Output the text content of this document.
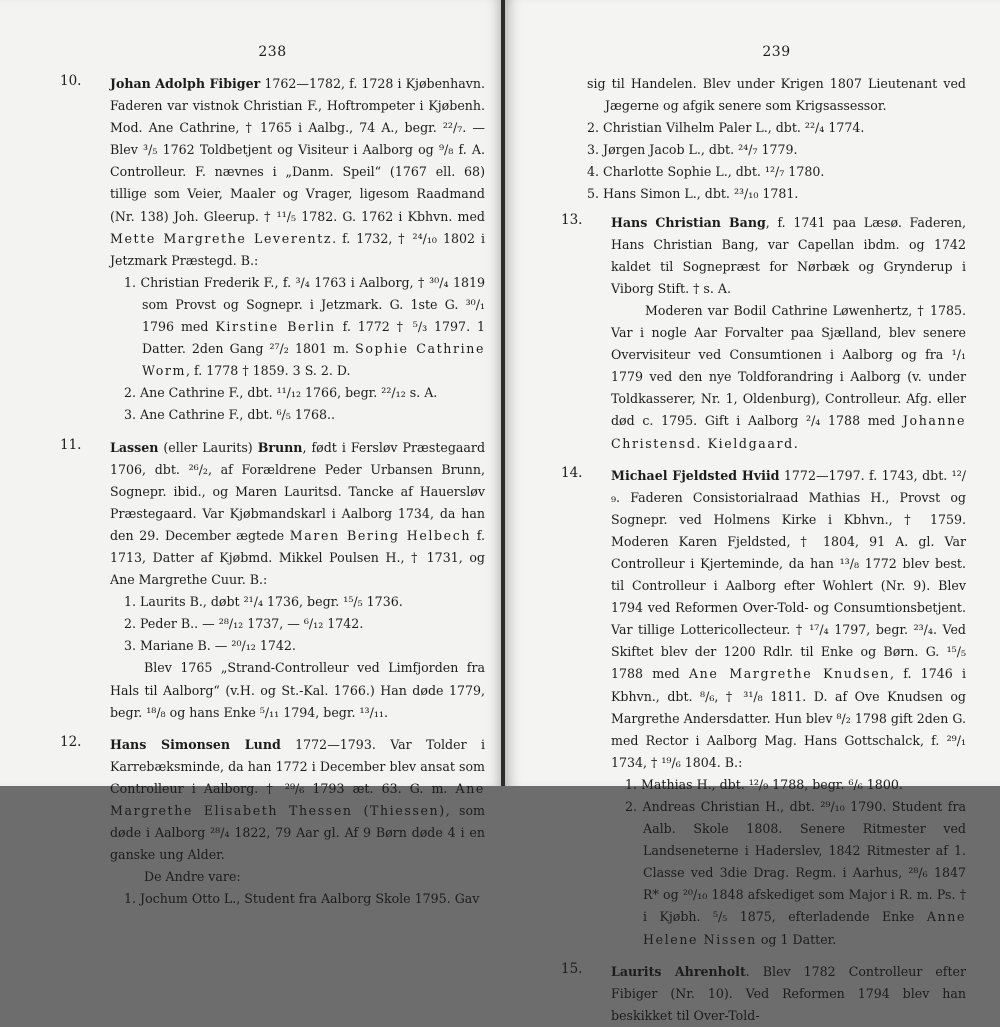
238
10. Johan Adolph Fibiger 1762—1782, f. 1728 i Kjøbenhavn. Faderen var vistnok Christian F., Hoftrompeter i Kjøbenh. Mod. Ane Cathrine, † 1765 i Aalbg., 74 A., begr. ²²/₇. — Blev ³/₅ 1762 Toldbetjent og Visiteur i Aalborg og ⁹/₈ f. A. Controlleur. F. nævnes i „Danm. Speil“ (1767 ell. 68) tillige som Veier, Maaler og Vrager, ligesom Raadmand (Nr. 138) Joh. Gleerup. † ¹¹/₅ 1782. G. 1762 i Kbhvn. med Mette Margrethe Leverentz. f. 1732, † ²⁴/₁₀ 1802 i Jetzmark Præstegd. B.:

1. Christian Frederik F., f. ³/₄ 1763 i Aalborg, † ³⁰/₄ 1819 som Provst og Sognepr. i Jetzmark. G. 1ste G. ³⁰/₁ 1796 med Kirstine Berlin f. 1772 † ⁵/₃ 1797. 1 Datter. 2den Gang ²⁷/₂ 1801 m. Sophie Cathrine Worm, f. 1778 † 1859. 3 S. 2. D.
2. Ane Cathrine F., dbt. ¹¹/₁₂ 1766, begr. ²²/₁₂ s. A.
3. Ane Cathrine F., dbt. ⁶/₅ 1768..
11. Lassen (eller Laurits) Brunn, født i Fersløv Præstegaard 1706, dbt. ²⁶/₂, af Forældrene Peder Urbansen Brunn, Sognepr. ibid., og Maren Lauritsd. Tancke af Hauersløv Præstegaard. Var Kjøbmandskarl i Aalborg 1734, da han den 29. December ægtede Maren Bering Helbech f. 1713, Datter af Kjøbmd. Mikkel Poulsen H., † 1731, og Ane Margrethe Cuur. B.:

1. Laurits B., døbt ²¹/₄ 1736, begr. ¹⁵/₅ 1736.
2. Peder B.. — ²⁸/₁₂ 1737, — ⁶/₁₂ 1742.
3. Mariane B. — ²⁰/₁₂ 1742.

Blev 1765 „Strand-Controlleur ved Limfjorden fra Hals til Aalborg“ (v.H. og St.-Kal. 1766.) Han døde 1779, begr. ¹⁸/₈ og hans Enke ⁵/₁₁ 1794, begr. ¹³/₁₁.

12. Hans Simonsen Lund 1772—1793. Var Tolder i Karrebæksminde, da han 1772 i December blev ansat som Controlleur i Aalborg. † ²⁹/₆ 1793 æt. 63. G. m. Ane Margrethe Elisabeth Thessen (Thiessen), som døde i Aalborg ²⁸/₄ 1822, 79 Aar gl. Af 9 Børn døde 4 i en ganske ung Alder.

De Andre vare:

1. Jochum Otto L., Student fra Aalborg Skole 1795. Gav
239
sig til Handelen. Blev under Krigen 1807 Lieutenant ved Jægerne og afgik senere som Krigsassessor.
2. Christian Vilhelm Paler L., dbt. ²²/₄ 1774.
3. Jørgen Jacob L., dbt. ²⁴/₇ 1779.
4. Charlotte Sophie L., dbt. ¹²/₇ 1780.
5. Hans Simon L., dbt. ²³/₁₀ 1781.
13. Hans Christian Bang, f. 1741 paa Læsø. Faderen, Hans Christian Bang, var Capellan ibdm. og 1742 kaldet til Sognepræst for Nørbæk og Grynderup i Viborg Stift. † s. A.

Moderen var Bodil Cathrine Løwenhertz, † 1785. Var i nogle Aar Forvalter paa Sjælland, blev senere Overvisiteur ved Consumtionen i Aalborg og fra ¹/₁ 1779 ved den nye Toldforandring i Aalborg (v. under Toldkasserer, Nr. 1, Oldenburg), Controlleur. Afg. eller død c. 1795. Gift i Aalborg ²/₄ 1788 med Johanne Christensd. Kieldgaard.

14. Michael Fjeldsted Hviid 1772—1797. f. 1743, dbt. ¹²/₉. Faderen Consistorialraad Mathias H., Provst og Sognepr. ved Holmens Kirke i Kbhvn., † 1759. Moderen Karen Fjeldsted, † 1804, 91 A. gl. Var Controlleur i Kjerteminde, da han ¹³/₈ 1772 blev best. til Controlleur i Aalborg efter Wohlert (Nr. 9). Blev 1794 ved Reformen Over-Told- og Consumtionsbetjent. Var tillige Lottericollecteur. † ¹⁷/₄ 1797, begr. ²³/₄. Ved Skiftet blev der 1200 Rdlr. til Enke og Børn. G. ¹⁵/₅ 1788 med Ane Margrethe Knudsen, f. 1746 i Kbhvn., dbt. ⁸/₆, † ³¹/₈ 1811. D. af Ove Knudsen og Margrethe Andersdatter. Hun blev ⁸/₂ 1798 gift 2den G. med Rector i Aalborg Mag. Hans Gottschalck, f. ²⁹/₁ 1734, † ¹⁹/₆ 1804. B.:

1. Mathias H., dbt. ¹²/₉ 1788, begr. ⁶/₆ 1800.
2. Andreas Christian H., dbt. ²⁹/₁₀ 1790. Student fra Aalb. Skole 1808. Senere Ritmester ved Landseneterne i Haderslev, 1842 Ritmester af 1. Classe ved 3die Drag. Regm. i Aarhus, ²⁸/₆ 1847 R* og ²⁰/₁₀ 1848 afskediget som Major i R. m. Ps. † i Kjøbh. ⁵/₅ 1875, efterladende Enke Anne Helene Nissen og 1 Datter.
15. Laurits Ahrenholt. Blev 1782 Controlleur efter Fibiger (Nr. 10). Ved Reformen 1794 blev han beskikket til Over-Told-
